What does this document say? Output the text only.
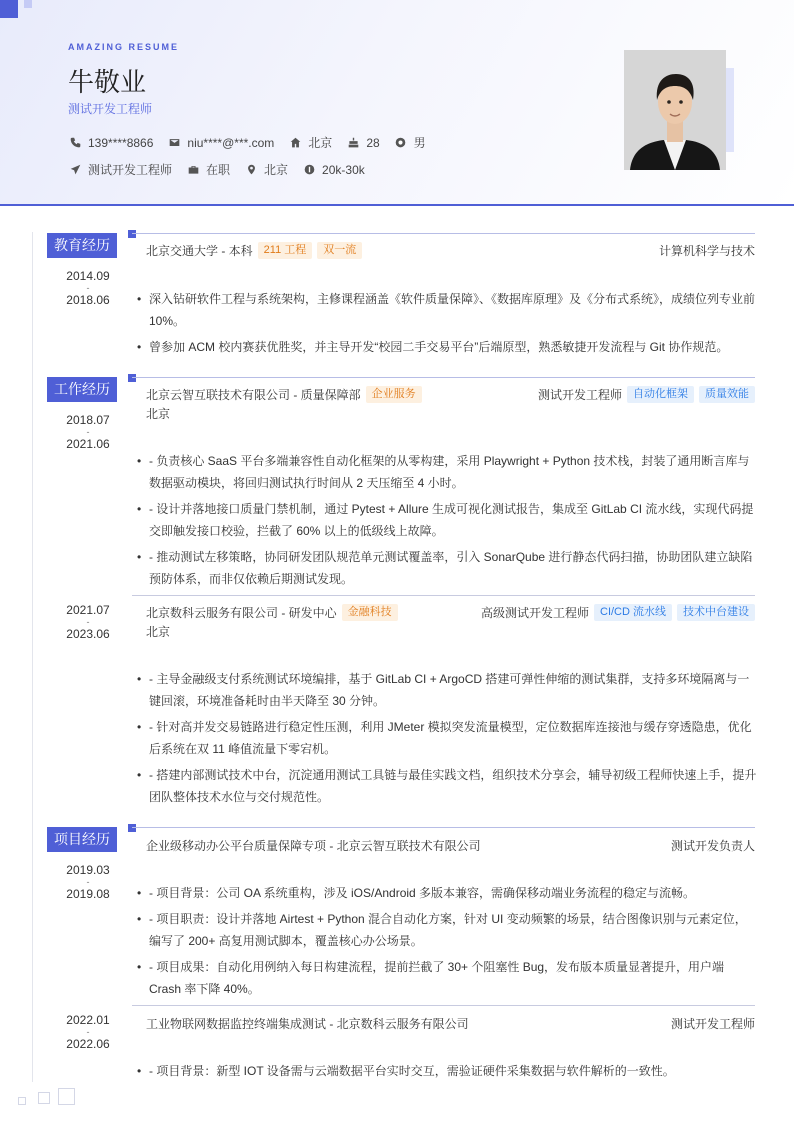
AMAZING RESUME
牛敬业
测试开发工程师
139****8866	niu****@***.com	北京	28	男
测试开发工程师	在职	北京	20k-30k
教育经历
2014.09
-
2018.06
北京交通大学 - 本科	211 工程	双一流	计算机科学与技术
• 深入钻研软件工程与系统架构，主修课程涵盖《软件质量保障》、《数据库原理》及《分布式系统》，成绩位列专业前 10%。
• 曾参加 ACM 校内赛获优胜奖，并主导开发“校园二手交易平台”后端原型，熟悉敏捷开发流程与 Git 协作规范。
工作经历
2018.07
-
2021.06
北京云智互联技术有限公司 - 质量保障部	企业服务	测试开发工程师	自动化框架	质量效能
北京
• - 负责核心 SaaS 平台多端兼容性自动化框架的从零构建，采用 Playwright + Python 技术栈，封装了通用断言库与数据驱动模块，将回归测试执行时间从 2 天压缩至 4 小时。
• - 设计并落地接口质量门禁机制，通过 Pytest + Allure 生成可视化测试报告，集成至 GitLab CI 流水线，实现代码提交即触发接口校验，拦截了 60% 以上的低级线上故障。
• - 推动测试左移策略，协同研发团队规范单元测试覆盖率，引入 SonarQube 进行静态代码扫描，协助团队建立缺陷预防体系，而非仅依赖后期测试发现。
2021.07
-
2023.06
北京数科云服务有限公司 - 研发中心	金融科技	高级测试开发工程师	CI/CD 流水线	技术中台建设
北京
• - 主导金融级支付系统测试环境编排，基于 GitLab CI + ArgoCD 搭建可弹性伸缩的测试集群，支持多环境隔离与一键回滚，环境准备耗时由半天降至 30 分钟。
• - 针对高并发交易链路进行稳定性压测，利用 JMeter 模拟突发流量模型，定位数据库连接池与缓存穿透隐患，优化后系统在双 11 峰值流量下零宕机。
• - 搭建内部测试技术中台，沉淀通用测试工具链与最佳实践文档，组织技术分享会，辅导初级工程师快速上手，提升团队整体技术水位与交付规范性。
项目经历
2019.03
-
2019.08
企业级移动办公平台质量保障专项 - 北京云智互联技术有限公司	测试开发负责人
• - 项目背景：公司 OA 系统重构，涉及 iOS/Android 多版本兼容，需确保移动端业务流程的稳定与流畅。
• - 项目职责：设计并落地 Airtest + Python 混合自动化方案，针对 UI 变动频繁的场景，结合图像识别与元素定位，编写了 200+ 高复用测试脚本，覆盖核心办公场景。
• - 项目成果：自动化用例纳入每日构建流程，提前拦截了 30+ 个阻塞性 Bug，发布版本质量显著提升，用户端 Crash 率下降 40%。
2022.01
-
2022.06
工业物联网数据监控终端集成测试 - 北京数科云服务有限公司	测试开发工程师
• - 项目背景：新型 IOT 设备需与云端数据平台实时交互，需验证硬件采集数据与软件解析的一致性。
